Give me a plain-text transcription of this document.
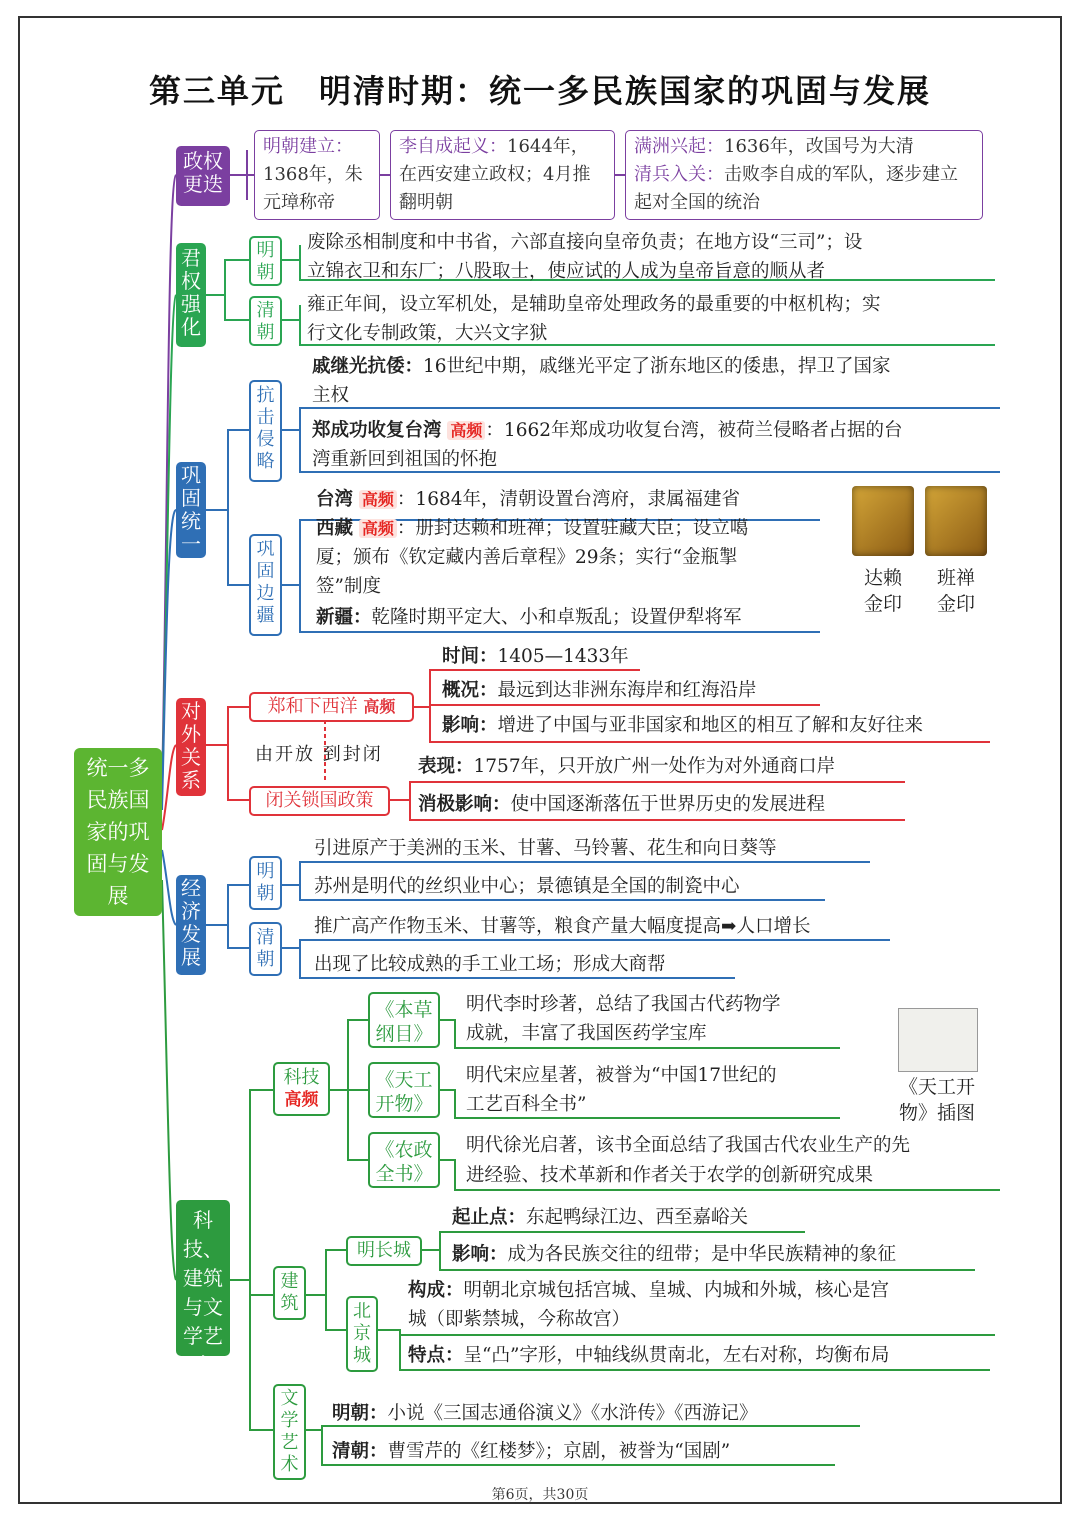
第三单元　明清时期：统一多民族国家的巩固与发展
统一多民族国家的巩固与发展
政权更迭
君权强化
巩固统一
对外关系
经济发展
科技、建筑与文学艺术
明朝建立：1368年，朱元璋称帝
李自成起义：1644年，在西安建立政权；4月推翻明朝
满洲兴起：1636年，改国号为大清
清兵入关：击败李自成的军队，逐步建立起对全国的统治
明朝
废除丞相制度和中书省，六部直接向皇帝负责；在地方设“三司”；设
立锦衣卫和东厂；八股取士，使应试的人成为皇帝旨意的顺从者
清朝
雍正年间，设立军机处，是辅助皇帝处理政务的最重要的中枢机构；实
行文化专制政策，大兴文字狱
抗击侵略
戚继光抗倭：16世纪中期，戚继光平定了浙东地区的倭患，捍卫了国家
主权
郑成功收复台湾 高频 ：1662年郑成功收复台湾，被荷兰侵略者占据的台
湾重新回到祖国的怀抱
巩固边疆
台湾 高频 ：1684年，清朝设置台湾府，隶属福建省
西藏 高频 ：册封达赖和班禅；设置驻藏大臣；设立噶
厦；颁布《钦定藏内善后章程》29条；实行“金瓶掣
签”制度
新疆：乾隆时期平定大、小和卓叛乱；设置伊犁将军
达赖
金印
班禅
金印
郑和下西洋 高频
时间：1405—1433年
概况：最远到达非洲东海岸和红海沿岸
影响：增进了中国与亚非国家和地区的相互了解和友好往来
由开放 到封闭
闭关锁国政策
表现：1757年，只开放广州一处作为对外通商口岸
消极影响：使中国逐渐落伍于世界历史的发展进程
明朝
引进原产于美洲的玉米、甘薯、马铃薯、花生和向日葵等
苏州是明代的丝织业中心；景德镇是全国的制瓷中心
清朝
推广高产作物玉米、甘薯等，粮食产量大幅度提高➡人口增长
出现了比较成熟的手工业工场；形成大商帮
科技
高频
《本草纲目》
明代李时珍著，总结了我国古代药物学
成就，丰富了我国医药学宝库
《天工开物》
明代宋应星著，被誉为“中国17世纪的
工艺百科全书”
《农政全书》
明代徐光启著，该书全面总结了我国古代农业生产的先
进经验、技术革新和作者关于农学的创新研究成果
《天工开
物》插图
建筑
明长城
起止点：东起鸭绿江边、西至嘉峪关
影响：成为各民族交往的纽带；是中华民族精神的象征
北京城
构成：明朝北京城包括宫城、皇城、内城和外城，核心是宫
城（即紫禁城，今称故宫）
特点：呈“凸”字形，中轴线纵贯南北，左右对称，均衡布局
文学艺术
明朝：小说《三国志通俗演义》《水浒传》《西游记》
清朝：曹雪芹的《红楼梦》；京剧，被誉为“国剧”
第6页，共30页
